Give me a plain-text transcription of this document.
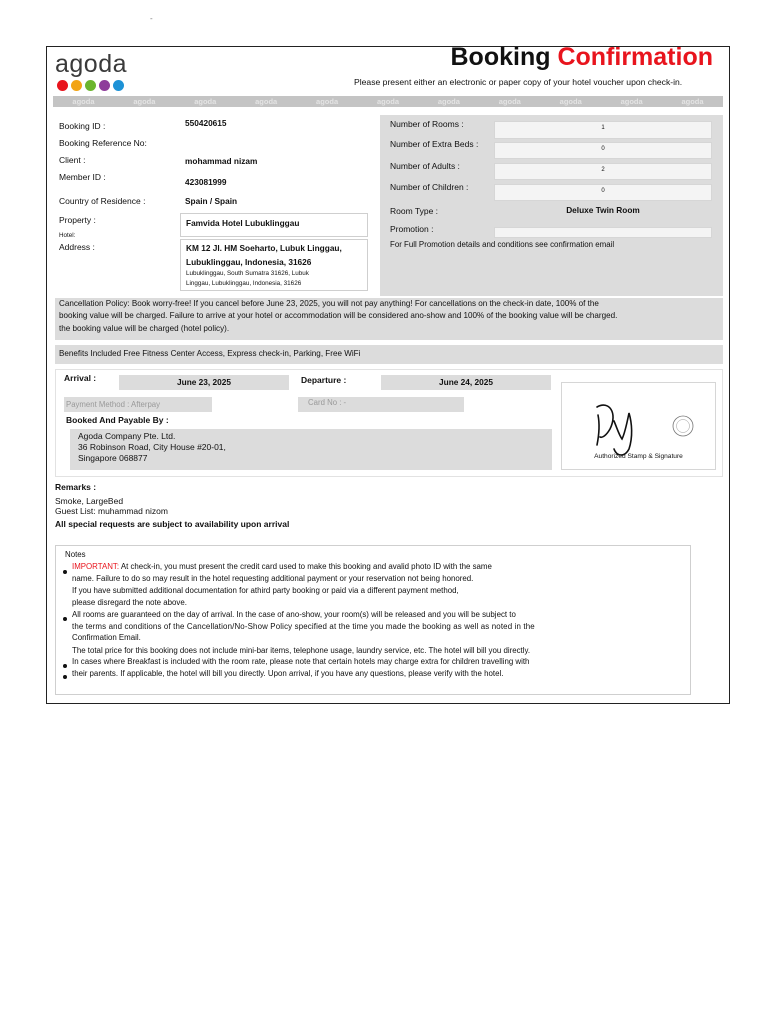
-
agoda	Booking Confirmation
Please present either an electronic or paper copy of your hotel voucher upon check-in.
agoda	agoda	agoda	agoda	agoda	agoda	agoda	agoda	agoda	agoda	agoda
Booking ID :	550420615
Booking Reference No:
Client :	mohammad nizam
Member ID :	423081999
Country of Residence :	Spain / Spain
Property :	Famvida Hotel Lubuklinggau
Hotel:
Address :	KM 12 Jl. HM Soeharto, Lubuk Linggau,
Lubuklinggau, Indonesia, 31626
Lubuklinggau, South Sumatra 31626, Lubuk
Linggau, Lubuklinggau, Indonesia, 31626
Number of Rooms :	1
Number of Extra Beds :	0
Number of Adults :	2
Number of Children :	0
Room Type :	Deluxe Twin Room
Promotion :
For Full Promotion details and conditions see confirmation email
Cancellation Policy: Book worry-free! If you cancel before June 23, 2025, you will not pay anything! For cancellations on the check-in date, 100% of the
booking value will be charged. Failure to arrive at your hotel or accommodation will be considered ano-show and 100% of the booking value will be charged.
the booking value will be charged (hotel policy).
Benefits Included Free Fitness Center Access, Express check-in, Parking, Free WiFi
Arrival :	June 23, 2025	Departure :	June 24, 2025
Payment Method : Afterpay	Card No : -
Booked And Payable By :
Agoda Company Pte. Ltd.
36 Robinson Road, City House #20-01,
Singapore 068877	Authorized Stamp & Signature
Remarks :
Smoke, LargeBed
Guest List: muhammad nizom
All special requests are subject to availability upon arrival
Notes
IMPORTANT: At check-in, you must present the credit card used to make this booking and avalid photo ID with the same
name. Failure to do so may result in the hotel requesting additional payment or your reservation not being honored.
If you have submitted additional documentation for athird party booking or paid via a different payment method,
please disregard the note above.
All rooms are guaranteed on the day of arrival. In the case of ano-show, your room(s) will be released and you will be subject to
the terms and conditions of the Cancellation/No-Show Policy specified at the time you made the booking as well as noted in the
Confirmation Email.
The total price for this booking does not include mini-bar items, telephone usage, laundry service, etc. The hotel will bill you directly.
In cases where Breakfast is included with the room rate, please note that certain hotels may charge extra for children travelling with
their parents. If applicable, the hotel will bill you directly. Upon arrival, if you have any questions, please verify with the hotel.
